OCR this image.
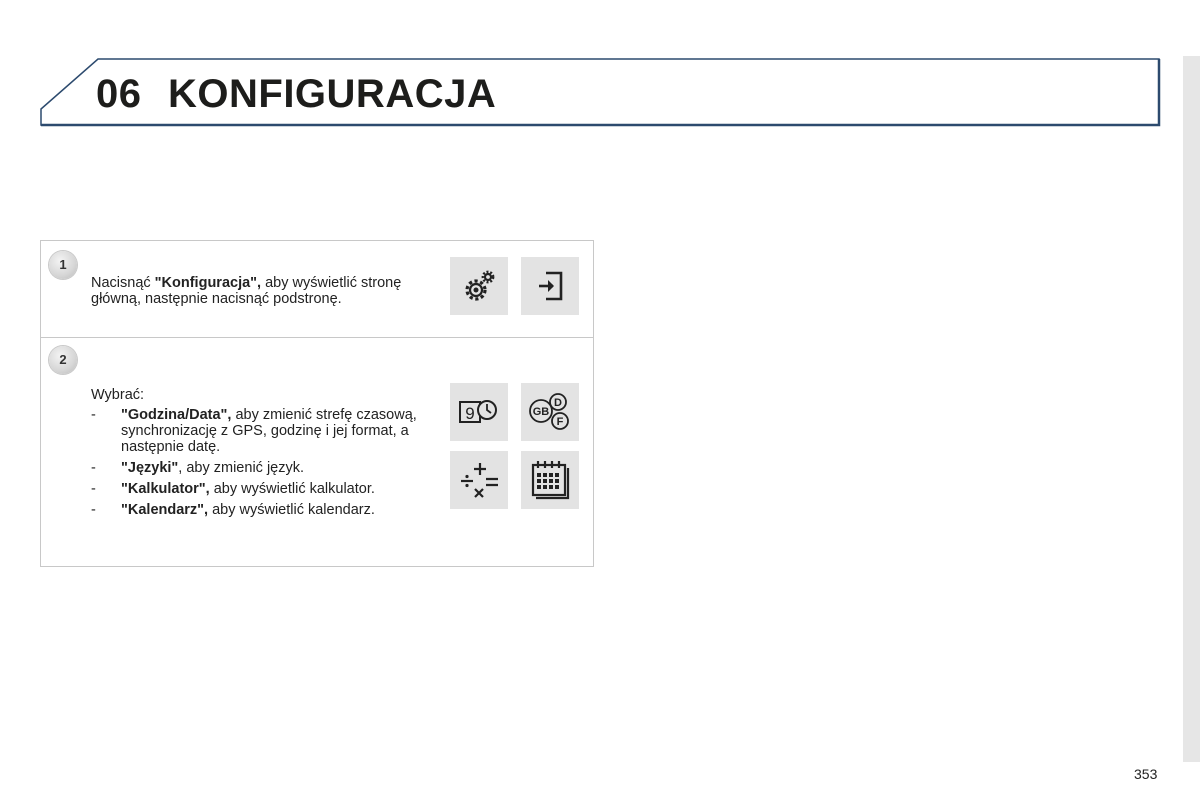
06 KONFIGURACJA
1
Nacisnąć "Konfiguracja", aby wyświetlić stronę główną, następnie nacisnąć podstronę.
2
Wybrać:
- "Godzina/Data", aby zmienić strefę czasową, synchronizację z GPS, godzinę i jej format, a następnie datę.
- "Języki", aby zmienić język.
- "Kalkulator", aby wyświetlić kalkulator.
- "Kalendarz", aby wyświetlić kalendarz.
9
D
GB
F
353
